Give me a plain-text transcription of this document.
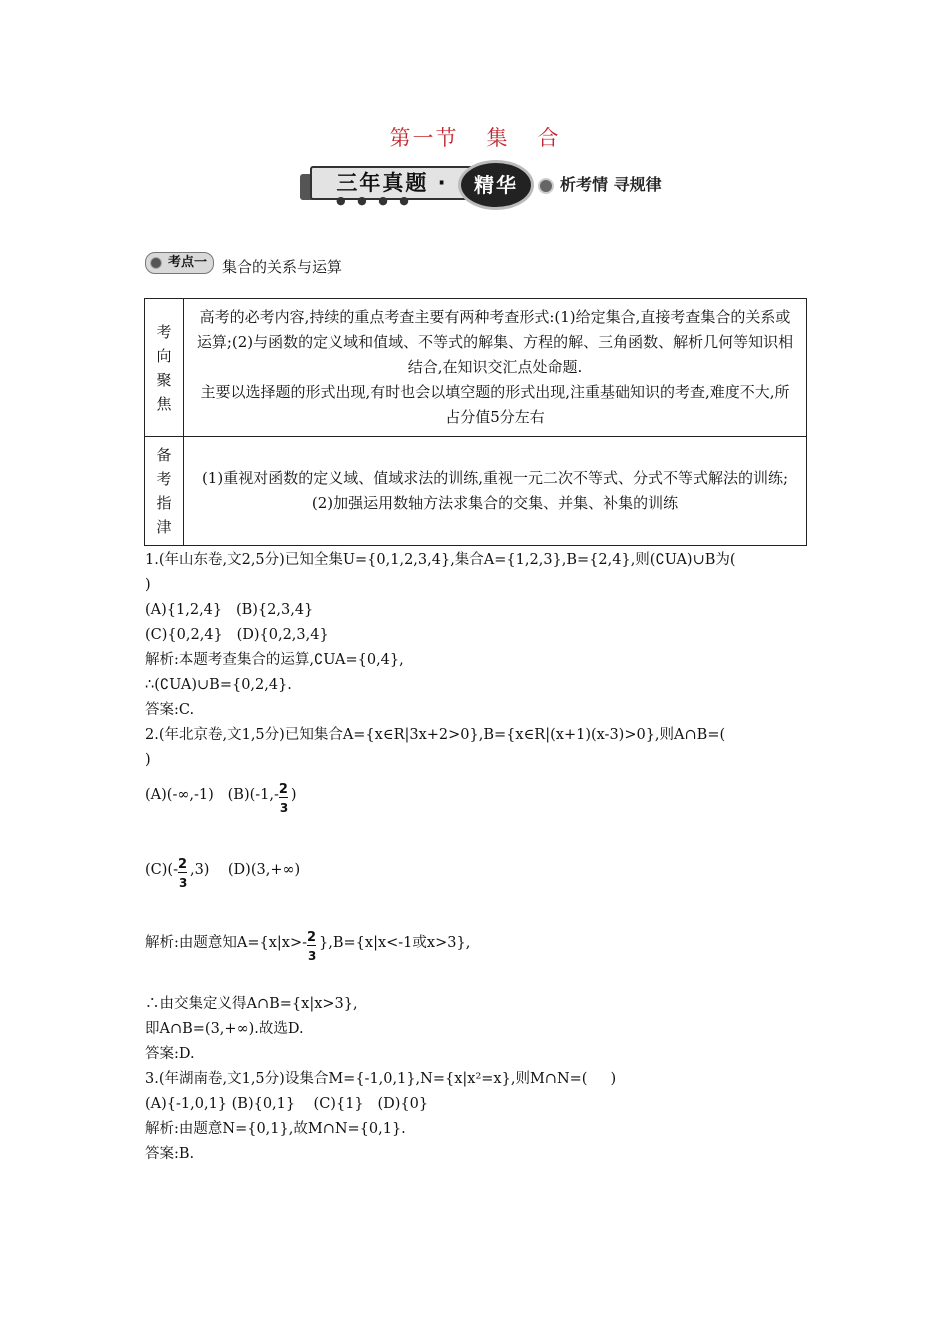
第一节 集 合
三年真题 ·
● ● ● ●
精华	析考情 寻规律
考点一 集合的关系与运算
考向聚焦	高考的必考内容,持续的重点考查主要有两种考查形式:(1)给定集合,直接考查集合的关系或运算;(2)与函数的定义域和值域、不等式的解集、方程的解、三角函数、解析几何等知识相结合,在知识交汇点处命题.
主要以选择题的形式出现,有时也会以填空题的形式出现,注重基础知识的考查,难度不大,所占分值5分左右

备考指津	(1)重视对函数的定义域、值域求法的训练,重视一元二次不等式、分式不等式解法的训练;
(2)加强运用数轴方法求集合的交集、并集、补集的训练

1.(年山东卷,文2,5分)已知全集U={0,1,2,3,4},集合A={1,2,3},B={2,4},则(∁UA)∪B为(

)

(A){1,2,4}   (B){2,3,4}

(C){0,2,4}   (D){0,2,3,4}

解析:本题考查集合的运算,∁UA={0,4},

∴(∁UA)∪B={0,2,4}.

答案:C.

2.(年北京卷,文1,5分)已知集合A={x∈R|3x+2>0},B={x∈R|(x+1)(x-3)>0},则A∩B=(

)

(A)(-∞,-1)   $(B)(-1,- \frac{2}{3}$ )

$(C)(- \frac{2}{3} ,3)$    (D)(3,+∞)

解析:由题意知$A=\{x|x>- \frac{2}{3} \},B=\{x|x<-1$或x>3},

∴由交集定义得A∩B={x|x>3},

即A∩B=(3,+∞).故选D.

答案:D.

3.(年湖南卷,文1,5分)设集合M={-1,0,1},N={x|x²=x},则M∩N=(     )

(A){-1,0,1} (B){0,1}    (C){1}   (D){0}

解析:由题意N={0,1},故M∩N={0,1}.

答案:B.
